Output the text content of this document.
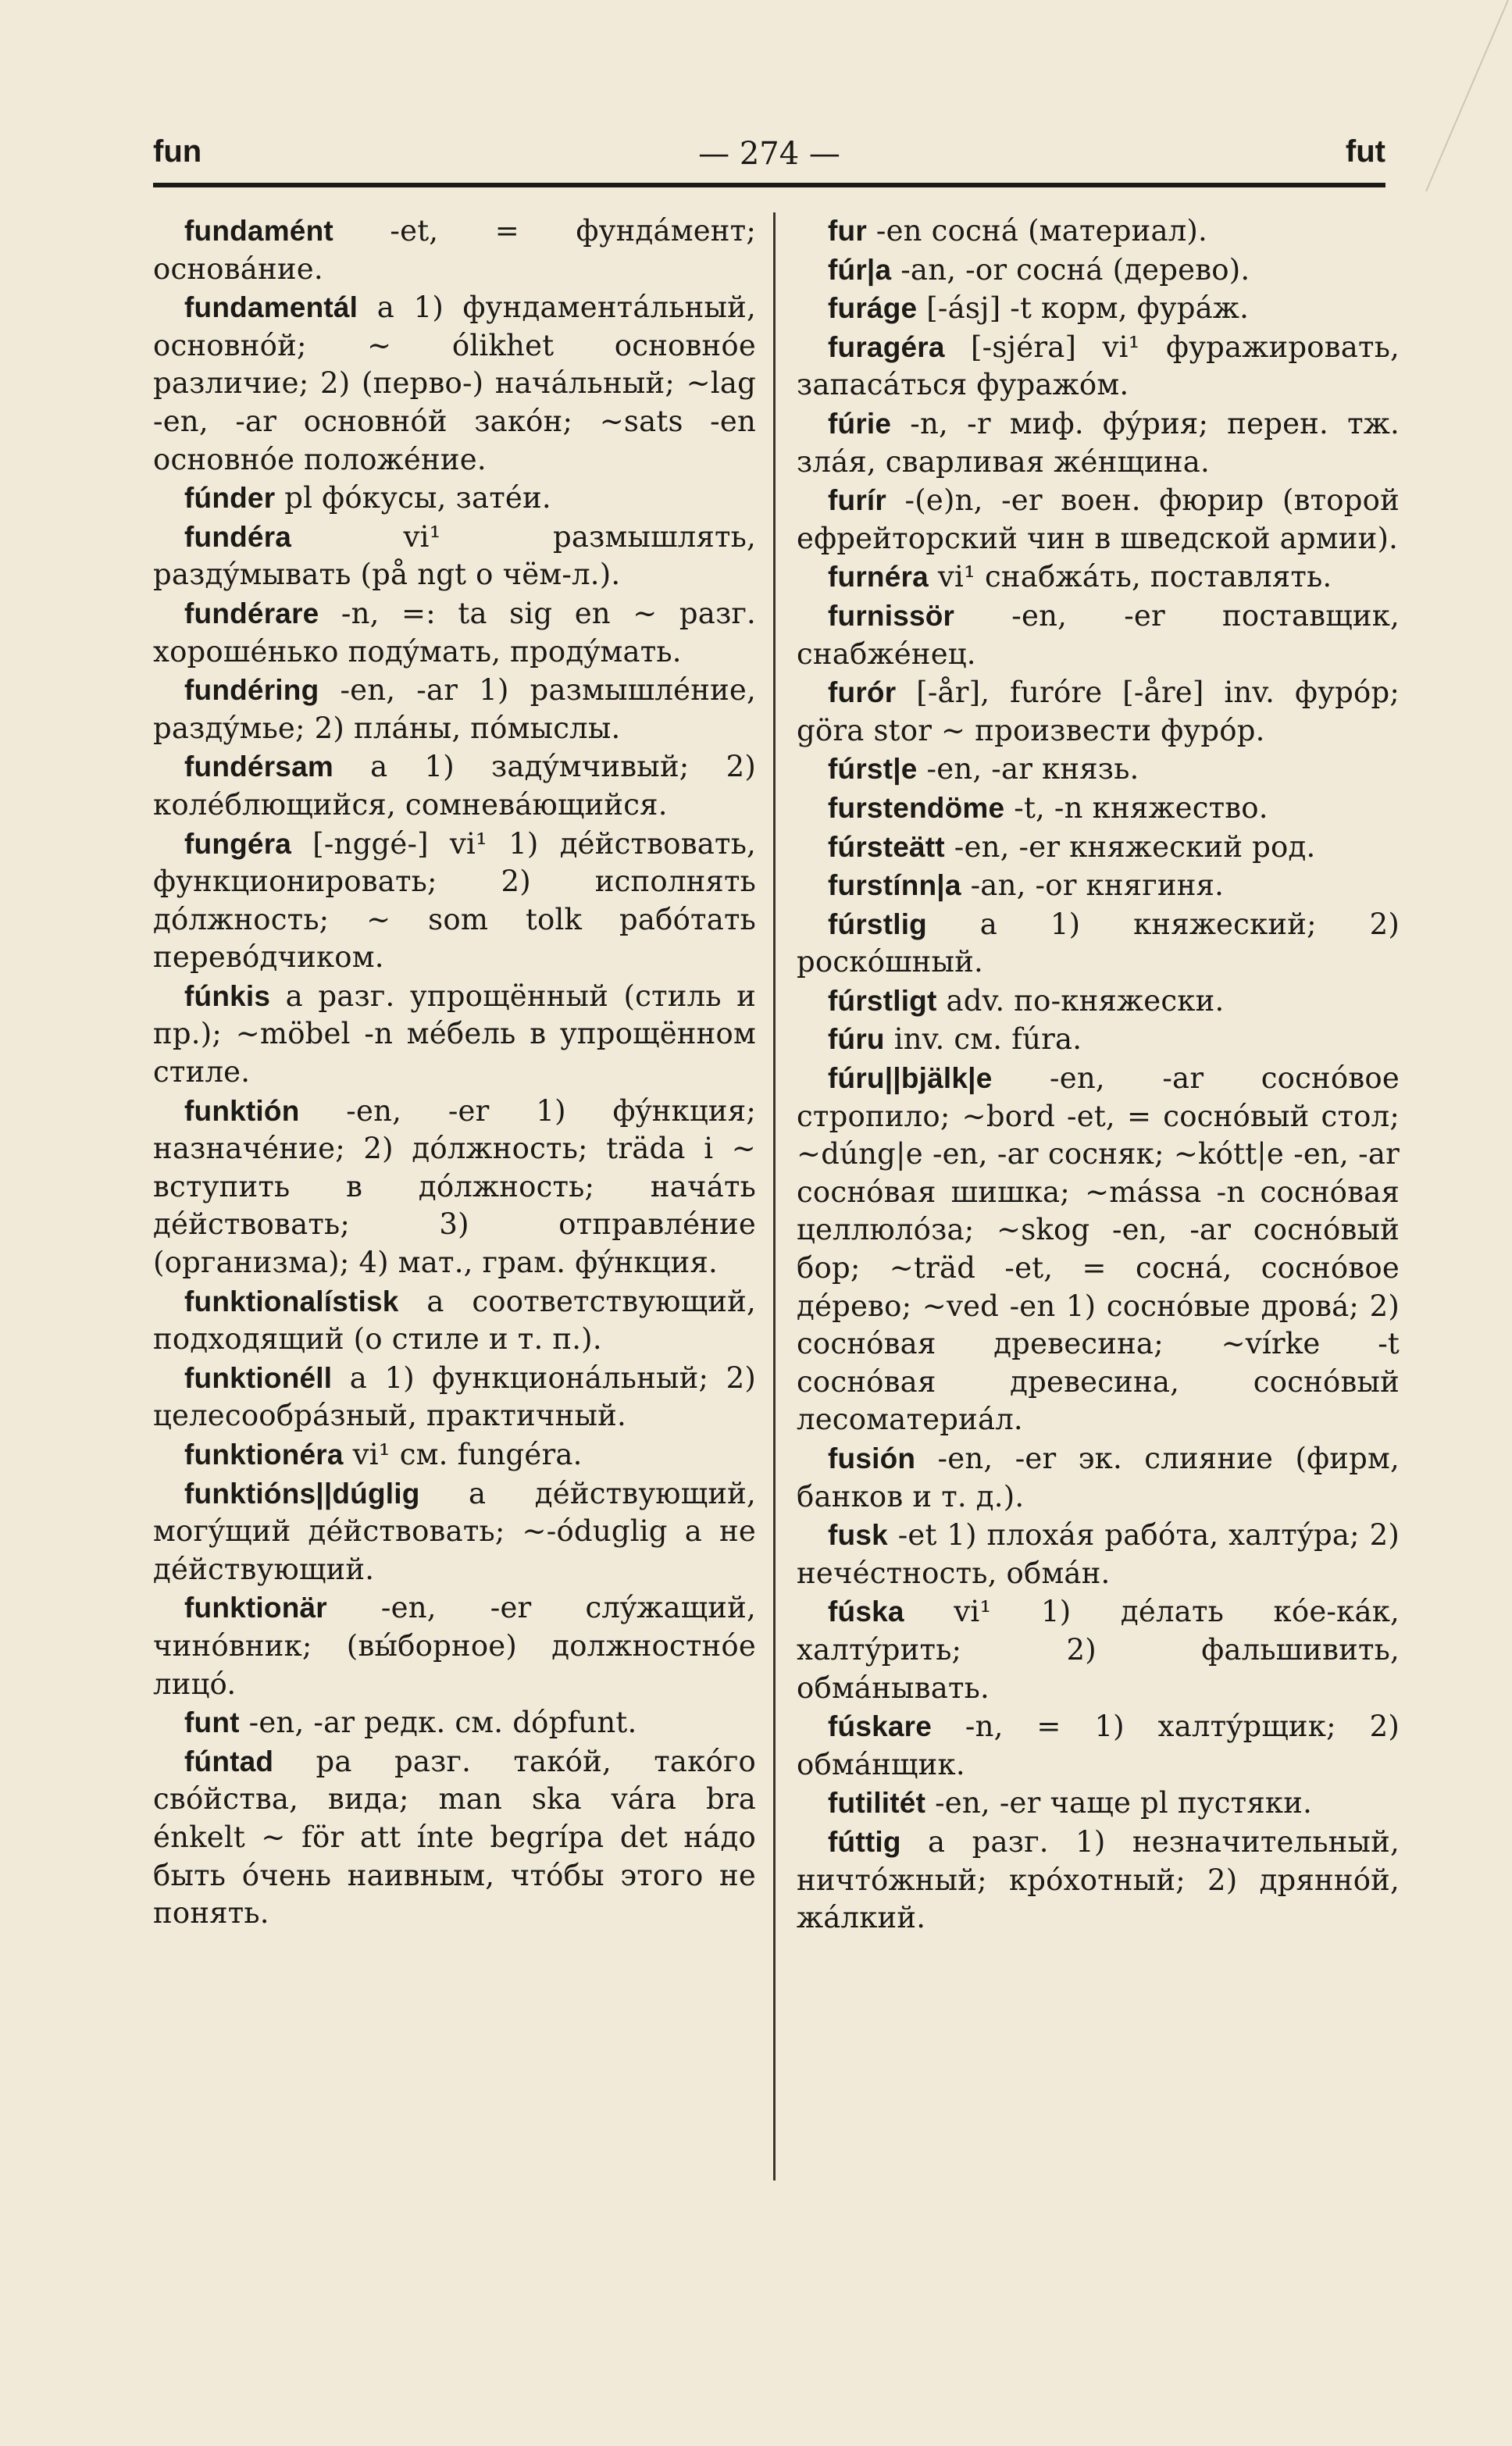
fun	— 274 —	fut

fundamént -et, = фундáмент; оснoвáние.

fundamentál a 1) фундаментáльный, основнóй; ~ ólikhet основнóе различие; 2) (перво-) начáльный; ~lag -en, -ar основнóй закóн; ~sats -en основнóе положéние.

fúnder pl фóкусы, затéи.

fundéra vi¹ размышлять, раздýмывать (på ngt о чём-л.).

fundérare -n, =: ta sig en ~ разг. хорошéнько подýмать, продýмать.

fundéring -en, -ar 1) размышлéние, раздýмье; 2) плáны, пóмыслы.

fundérsam a 1) задýмчивый; 2) колéблющийся, сомневáющийся.

fungéra [-nggé-] vi¹ 1) дéйствовать, функционировать; 2) исполнять дóлжность; ~ som tolk рабóтать перевóдчиком.

fúnkis a разг. упрощённый (стиль и пр.); ~möbel -n мéбель в упрощённом стиле.

funktión -en, -er 1) фýнкция; назначéние; 2) дóлжность; träda i ~ вступить в дóлжность; начáть дéйствовать; 3) отправлéние (организма); 4) мат., грам. фýнкция.

funktionalístisk a соответствующий, подходящий (о стиле и т. п.).

funktionéll a 1) функционáльный; 2) целесообрáзный, практичный.

funktionéra vi¹ см. fungéra.

funktións||dúglig a дéйствующий, могýщий дéйствовать; ~-óduglig a не дéйствующий.

funktionär -en, -er слýжащий, чинóвник; (вы́борное) должностнóе лицó.

funt -en, -ar редк. см. dópfunt.

fúntad pa разг. такóй, такóго свóйства, вида; man ska vára bra énkelt ~ för att ínte begrípa det нáдо быть óчень наивным, чтóбы этого не понять.

fur -en соснá (материал).

fúr|a -an, -or соснá (дерево).

furáge [-ásj] -t корм, фурáж.

furagéra [-sjéra] vi¹ фуражировать, запасáться фуражóм.

fúrie -n, -r миф. фýрия; перен. тж. злáя, сварливая жéнщина.

furír -(e)n, -er воен. фюрир (второй ефрейторский чин в шведской армии).

furnéra vi¹ снабжáть, поставлять.

furnissör -en, -er поставщик, снабжéнец.

furór [-år], furóre [-åre] inv. фурóр; göra stor ~ произвести фурóр.

fúrst|e -en, -ar князь.

furstendöme -t, -n княжество.

fúrsteätt -en, -er княжеский род.

furstínn|a -an, -or княгиня.

fúrstlig a 1) княжеский; 2) роскóшный.

fúrstligt adv. по-княжески.

fúru inv. см. fúra.

fúru||bjälk|e -en, -ar соснóвое стропило; ~bord -et, = соснóвый стол; ~dúng|e -en, -ar сосняк; ~kótt|e -en, -ar соснóвая шишка; ~mássa -n соснóвая целлюлóза; ~skog -en, -ar соснóвый бор; ~träd -et, = соснá, соснóвое дéрево; ~ved -en 1) соснóвые дровá; 2) соснóвая древесина; ~vírke -t соснóвая древесина, соснóвый лесоматериáл.

fusión -en, -er эк. слияние (фирм, банков и т. д.).

fusk -et 1) плохáя рабóта, халтýра; 2) нечéстность, обмáн.

fúska vi¹ 1) дéлать кóе-кáк, халтýрить; 2) фальшивить, обмáнывать.

fúskare -n, = 1) халтýрщик; 2) обмáнщик.

futilitét -en, -er чаще pl пустяки.

fúttig a разг. 1) незначительный, ничтóжный; крóхотный; 2) дряннóй, жáлкий.
